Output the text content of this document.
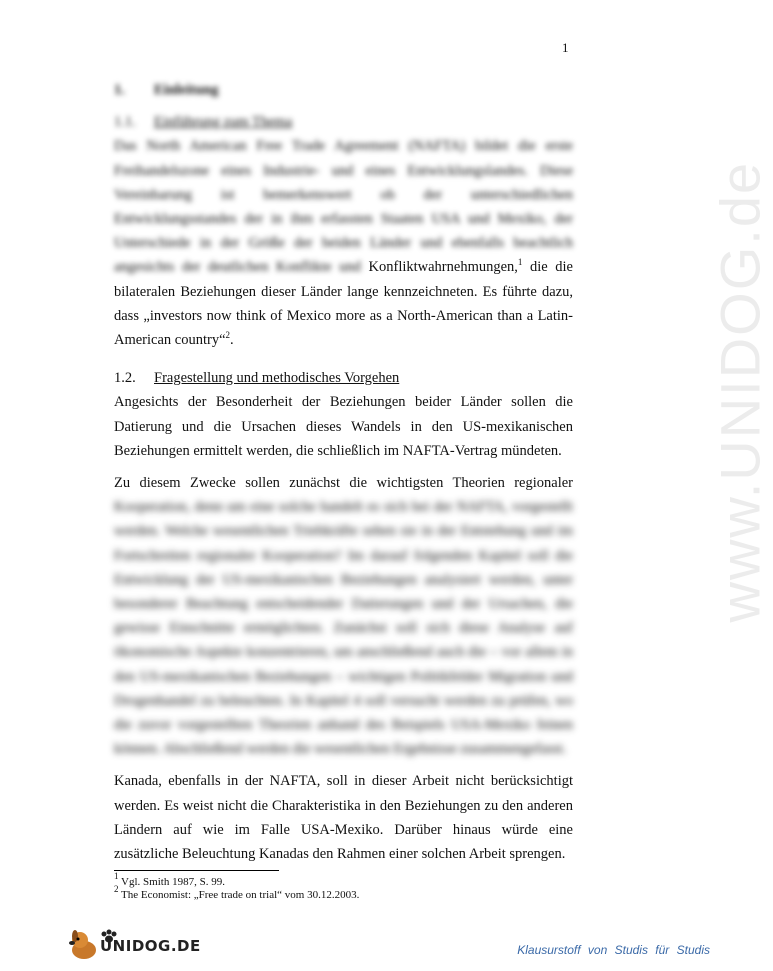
1
www.UNIDOG.de
1. Einleitung
1.1. Einführung zum Thema

Das North American Free Trade Agreement (NAFTA) bildet die erste Freihandelszone eines Industrie- und eines Entwicklungslandes. Diese Vereinbarung ist bemerkenswert ob der unterschiedlichen Entwicklungsstandes der in ihm erfassten Staaten USA und Mexiko, der Unterschiede in der Größe der beiden Länder und ebenfalls beachtlich angesichts der deutlichen Konflikte und Konfliktwahrnehmungen,$^1$ die die bilateralen Beziehungen dieser Länder lange kennzeichneten. Es führte dazu, dass „investors now think of Mexico more as a North-American than a Latin-American country“$^2$.

1.2. Fragestellung und methodisches Vorgehen

Angesichts der Besonderheit der Beziehungen beider Länder sollen die Datierung und die Ursachen dieses Wandels in den US-mexikanischen Beziehungen ermittelt werden, die schließlich im NAFTA-Vertrag mündeten.

Zu diesem Zwecke sollen zunächst die wichtigsten Theorien regionaler Kooperation, denn um eine solche handelt es sich bei der NAFTA, vorgestellt werden. Welche wesentlichen Triebkräfte sehen sie in der Entstehung und im Fortschreiten regionaler Kooperation? Im darauf folgenden Kapitel soll die Entwicklung der US-mexikanischen Beziehungen analysiert werden, unter besonderer Beachtung entscheidender Datierungen und der Ursachen, die gewisse Einschnitte ermöglichten. Zunächst soll sich diese Analyse auf ökonomische Aspekte konzentrieren, um anschließend auch die – vor allem in den US-mexikanischen Beziehungen – wichtigen Politikfelder Migration und Drogenhandel zu beleuchten. In Kapitel 4 soll versucht werden zu prüfen, wo die zuvor vorgestellten Theorien anhand des Beispiels USA-Mexiko feinen können. Abschließend werden die wesentlichen Ergebnisse zusammengefasst.

Kanada, ebenfalls in der NAFTA, soll in dieser Arbeit nicht berücksichtigt werden. Es weist nicht die Charakteristika in den Beziehungen zu den anderen Ländern auf wie im Falle USA-Mexiko. Darüber hinaus würde eine zusätzliche Beleuchtung Kanadas den Rahmen einer solchen Arbeit sprengen.

$^1$ Vgl. Smith 1987, S. 99.
$^2$ The Economist: „Free trade on trial“ vom 30.12.2003.
UNIDOG.DE	Klausurstoff von Studis für Studis
